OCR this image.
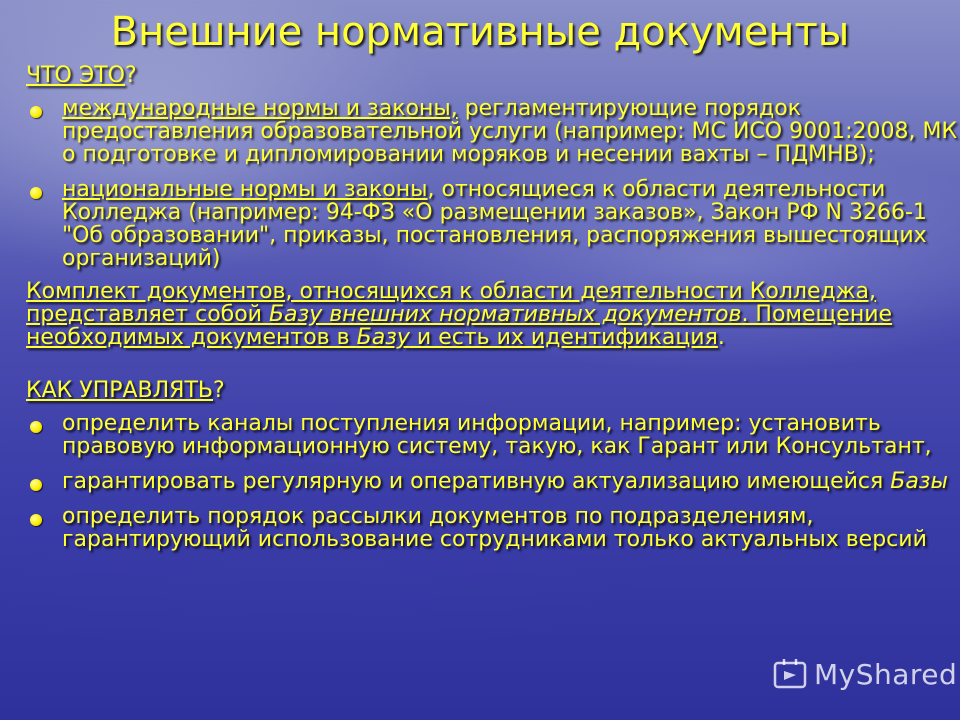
Внешние нормативные документы

ЧТО ЭТО?

международные нормы и законы, регламентирующие порядок предоставления образовательной услуги (например: МС ИСО 9001:2008, МК о подготовке и дипломировании моряков и несении вахты – ПДМНВ);
национальные нормы и законы, относящиеся к области деятельности Колледжа (например: 94-ФЗ «О размещении заказов», Закон РФ N 3266-1 "Об образовании", приказы, постановления, распоряжения вышестоящих организаций)

Комплект документов, относящихся к области деятельности Колледжа, представляет собой Базу внешних нормативных документов. Помещение необходимых документов в Базу и есть их идентификация.

КАК УПРАВЛЯТЬ?

определить каналы поступления информации, например: установить правовую информационную систему, такую, как Гарант или Консультант,
гарантировать регулярную и оперативную актуализацию имеющейся Базы
определить порядок рассылки документов по подразделениям, гарантирующий использование сотрудниками только актуальных версий
MyShared
